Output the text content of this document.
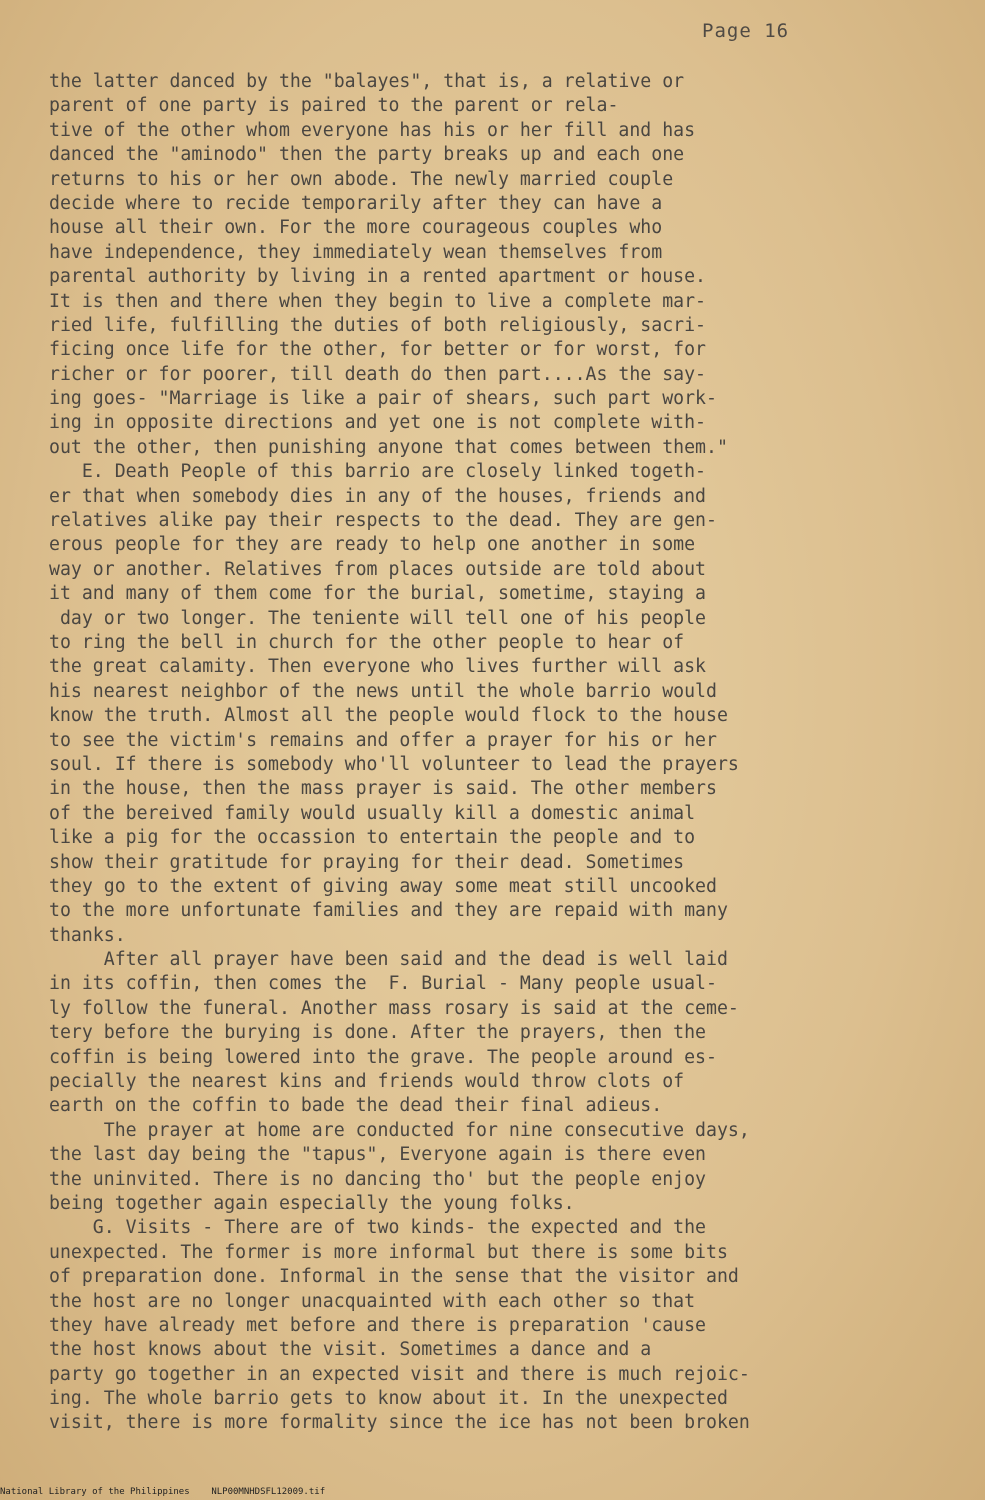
Page 16
the latter danced by the "balayes", that is, a relative or
parent of one party is paired to the parent or rela-
tive of the other whom everyone has his or her fill and has
danced the "aminodo" then the party breaks up and each one
returns to his or her own abode. The newly married couple
decide where to recide temporarily after they can have a
house all their own. For the more courageous couples who
have independence, they immediately wean themselves from
parental authority by living in a rented apartment or house.
It is then and there when they begin to live a complete mar-
ried life, fulfilling the duties of both religiously, sacri-
ficing once life for the other, for better or for worst, for
richer or for poorer, till death do then part....As the say-
ing goes- "Marriage is like a pair of shears, such part work-
ing in opposite directions and yet one is not complete with-
out the other, then punishing anyone that comes between them."
E. Death People of this barrio are closely linked togeth-
er that when somebody dies in any of the houses, friends and
relatives alike pay their respects to the dead. They are gen-
erous people for they are ready to help one another in some
way or another. Relatives from places outside are told about
it and many of them come for the burial, sometime, staying a
day or two longer. The teniente will tell one of his people
to ring the bell in church for the other people to hear of
the great calamity. Then everyone who lives further will ask
his nearest neighbor of the news until the whole barrio would
know the truth. Almost all the people would flock to the house
to see the victim's remains and offer a prayer for his or her
soul. If there is somebody who'll volunteer to lead the prayers
in the house, then the mass prayer is said. The other members
of the bereived family would usually kill a domestic animal
like a pig for the occassion to entertain the people and to
show their gratitude for praying for their dead. Sometimes
they go to the extent of giving away some meat still uncooked
to the more unfortunate families and they are repaid with many
thanks.
After all prayer have been said and the dead is well laid
in its coffin, then comes the  F. Burial - Many people usual-
ly follow the funeral. Another mass rosary is said at the ceme-
tery before the burying is done. After the prayers, then the
coffin is being lowered into the grave. The people around es-
pecially the nearest kins and friends would throw clots of
earth on the coffin to bade the dead their final adieus.
The prayer at home are conducted for nine consecutive days,
the last day being the "tapus", Everyone again is there even
the uninvited. There is no dancing tho' but the people enjoy
being together again especially the young folks.
G. Visits - There are of two kinds- the expected and the
unexpected. The former is more informal but there is some bits
of preparation done. Informal in the sense that the visitor and
the host are no longer unacquainted with each other so that
they have already met before and there is preparation 'cause
the host knows about the visit. Sometimes a dance and a
party go together in an expected visit and there is much rejoic-
ing. The whole barrio gets to know about it. In the unexpected
visit, there is more formality since the ice has not been broken
National Library of the Philippines    NLP00MNHDSFL12009.tif
